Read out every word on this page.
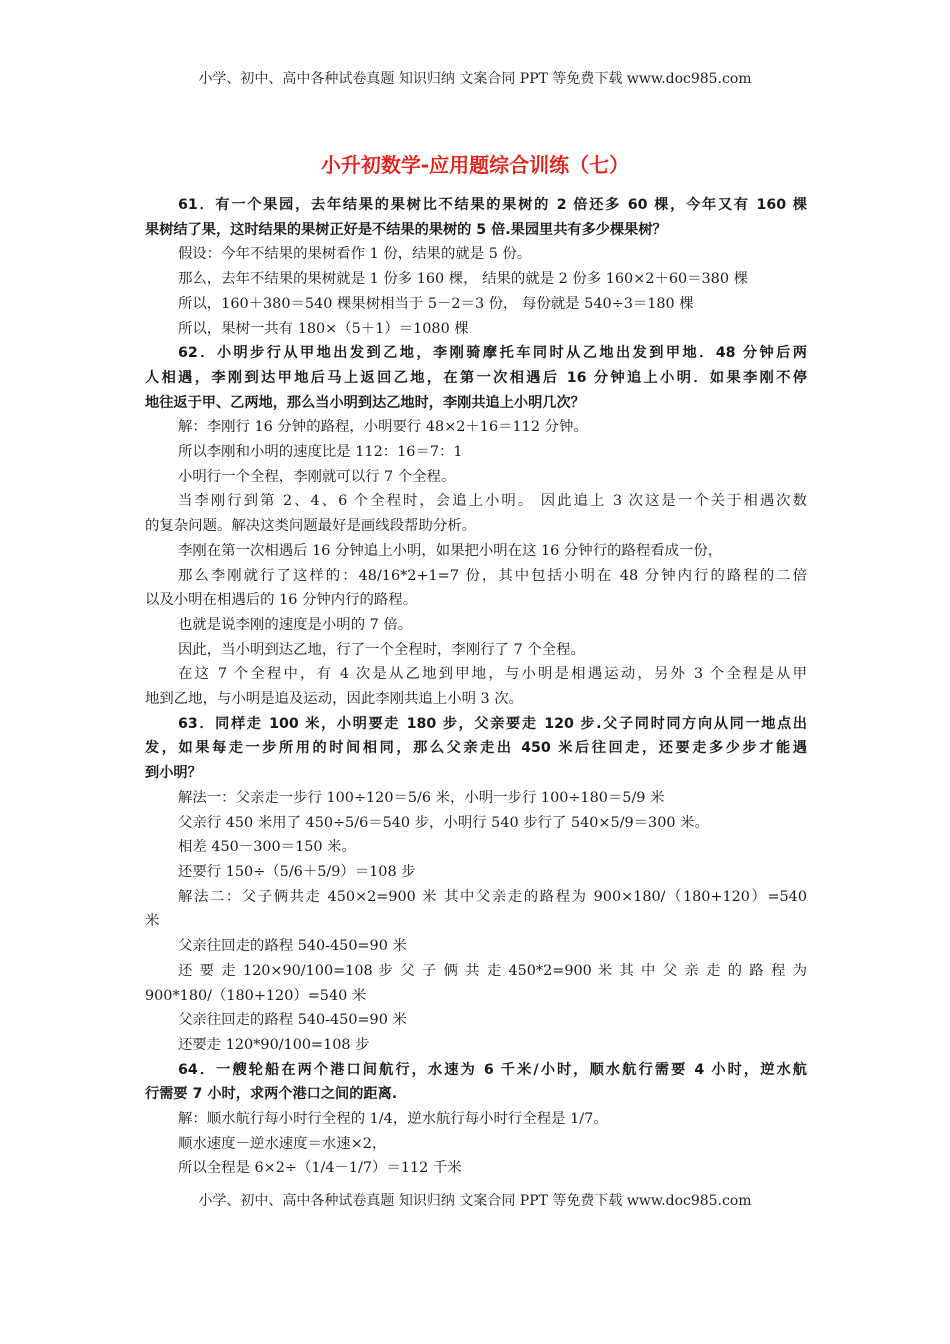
小学、初中、高中各种试卷真题 知识归纳 文案合同 PPT 等免费下载 www.doc985.com
小升初数学-应用题综合训练（七）
61．有一个果园，去年结果的果树比不结果的果树的 2 倍还多 60 棵，今年又有 160 棵
果树结了果，这时结果的果树正好是不结果的果树的 5 倍.果园里共有多少棵果树？
假设：今年不结果的果树看作 1 份，结果的就是 5 份。
那么，去年不结果的果树就是 1 份多 160 棵， 结果的就是 2 份多 160×2＋60＝380 棵
所以，160＋380＝540 棵果树相当于 5－2＝3 份， 每份就是 540÷3＝180 棵
所以，果树一共有 180×（5＋1）＝1080 棵
62．小明步行从甲地出发到乙地，李刚骑摩托车同时从乙地出发到甲地．48 分钟后两
人相遇，李刚到达甲地后马上返回乙地，在第一次相遇后 16 分钟追上小明．如果李刚不停
地往返于甲、乙两地，那么当小明到达乙地时，李刚共追上小明几次？
解：李刚行 16 分钟的路程，小明要行 48×2＋16＝112 分钟。
所以李刚和小明的速度比是 112：16＝7：1
小明行一个全程，李刚就可以行 7 个全程。
当李刚行到第 2、4、6 个全程时，会追上小明。 因此追上 3 次这是一个关于相遇次数
的复杂问题。解决这类问题最好是画线段帮助分析。
李刚在第一次相遇后 16 分钟追上小明，如果把小明在这 16 分钟行的路程看成一份，
那么李刚就行了这样的：48/16*2+1=7 份，其中包括小明在 48 分钟内行的路程的二倍
以及小明在相遇后的 16 分钟内行的路程。
也就是说李刚的速度是小明的 7 倍。
因此，当小明到达乙地，行了一个全程时，李刚行了 7 个全程。
在这 7 个全程中，有 4 次是从乙地到甲地，与小明是相遇运动，另外 3 个全程是从甲
地到乙地，与小明是追及运动，因此李刚共追上小明 3 次。
63．同样走 100 米，小明要走 180 步，父亲要走 120 步.父子同时同方向从同一地点出
发，如果每走一步所用的时间相同，那么父亲走出 450 米后往回走，还要走多少步才能遇
到小明？
解法一：父亲走一步行 100÷120＝5/6 米，小明一步行 100÷180＝5/9 米
父亲行 450 米用了 450÷5/6＝540 步，小明行 540 步行了 540×5/9＝300 米。
相差 450－300＝150 米。
还要行 150÷（5/6＋5/9）＝108 步
解法二：父子俩共走 450×2=900 米 其中父亲走的路程为 900×180/（180+120）=540
米
父亲往回走的路程 540-450=90 米
还 要 走 120×90/100=108 步 父 子 俩 共 走 450*2=900 米 其 中 父 亲 走 的 路 程 为
900*180/（180+120）=540 米
父亲往回走的路程 540-450=90 米
还要走 120*90/100=108 步
64．一艘轮船在两个港口间航行，水速为 6 千米/小时，顺水航行需要 4 小时，逆水航
行需要 7 小时，求两个港口之间的距离.
解：顺水航行每小时行全程的 1/4，逆水航行每小时行全程是 1/7。
顺水速度－逆水速度＝水速×2，
所以全程是 6×2÷（1/4－1/7）＝112 千米
小学、初中、高中各种试卷真题 知识归纳 文案合同 PPT 等免费下载 www.doc985.com
